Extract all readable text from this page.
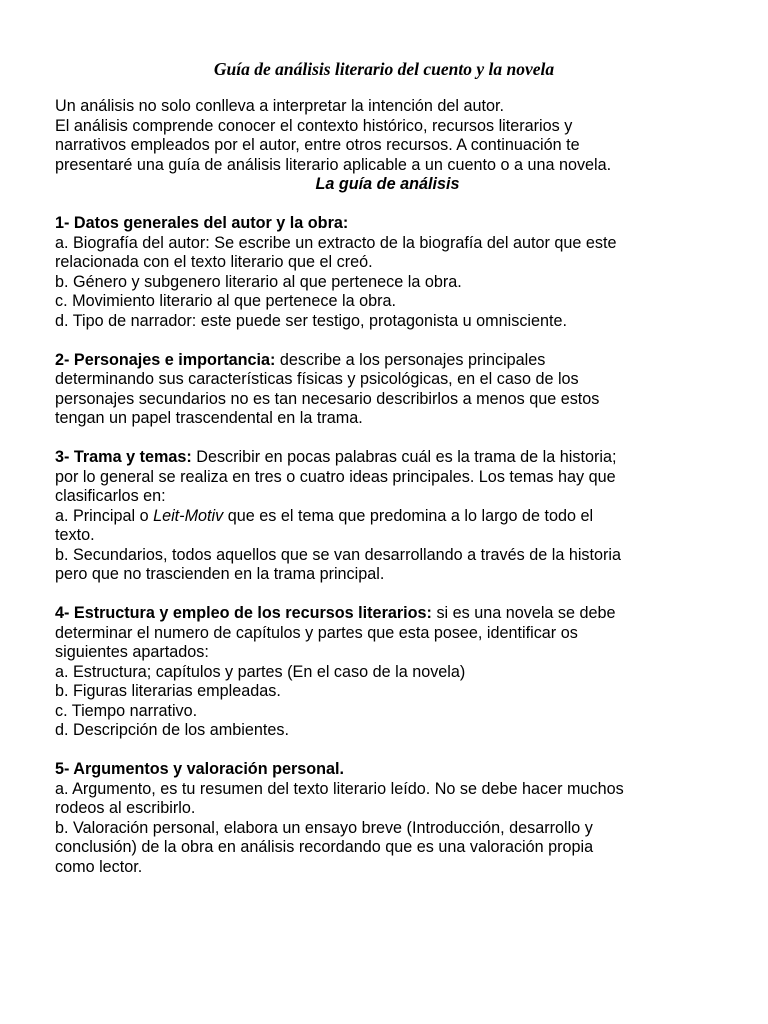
Guía de análisis literario del cuento y la novela

Un análisis no solo conlleva a interpretar la intención del autor.

El análisis comprende conocer el contexto histórico, recursos literarios y

narrativos empleados por el autor, entre otros recursos. A continuación te

presentaré una guía de análisis literario aplicable a un cuento o a una novela.

La guía de análisis

1- Datos generales del autor y la obra:

a. Biografía del autor: Se escribe un extracto de la biografía del autor que este

relacionada con el texto literario que el creó.

b. Género y subgenero literario al que pertenece la obra.

c. Movimiento literario al que pertenece la obra.

d. Tipo de narrador: este puede ser testigo, protagonista u omnisciente.

2- Personajes e importancia: describe a los personajes principales

determinando sus características físicas y psicológicas, en el caso de los

personajes secundarios no es tan necesario describirlos a menos que estos

tengan un papel trascendental en la trama.

3- Trama y temas: Describir en pocas palabras cuál es la trama de la historia;

por lo general se realiza en tres o cuatro ideas principales. Los temas hay que

clasificarlos en:

a. Principal o Leit-Motiv que es el tema que predomina a lo largo de todo el

texto.

b. Secundarios, todos aquellos que se van desarrollando a través de la historia

pero que no trascienden en la trama principal.

4- Estructura y empleo de los recursos literarios: si es una novela se debe

determinar el numero de capítulos y partes que esta posee, identificar os

siguientes apartados:

a. Estructura; capítulos y partes (En el caso de la novela)

b. Figuras literarias empleadas.

c. Tiempo narrativo.

d. Descripción de los ambientes.

5- Argumentos y valoración personal.

a. Argumento, es tu resumen del texto literario leído. No se debe hacer muchos

rodeos al escribirlo.

b. Valoración personal, elabora un ensayo breve (Introducción, desarrollo y

conclusión) de la obra en análisis recordando que es una valoración propia

como lector.
